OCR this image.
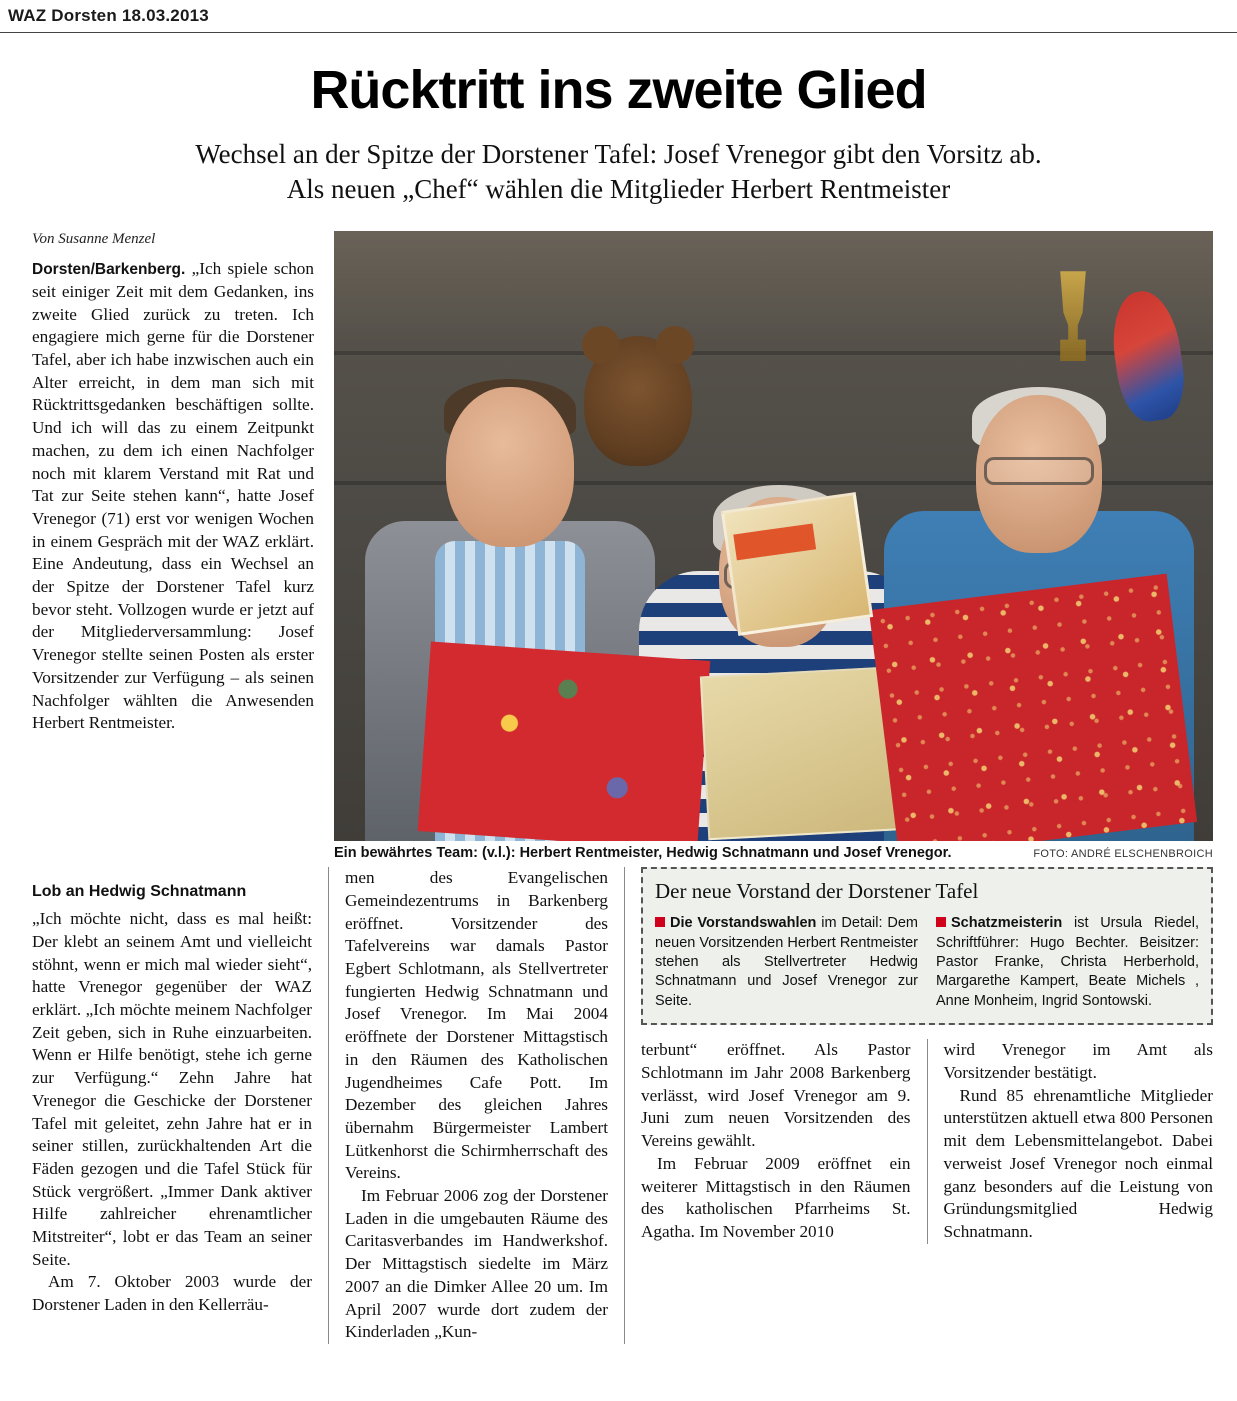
WAZ Dorsten 18.03.2013
Rücktritt ins zweite Glied
Wechsel an der Spitze der Dorstener Tafel: Josef Vrenegor gibt den Vorsitz ab.
Als neuen „Chef“ wählen die Mitglieder Herbert Rentmeister
Von Susanne Menzel

Dorsten/Barkenberg. „Ich spiele schon seit einiger Zeit mit dem Gedanken, ins zweite Glied zurück zu treten. Ich engagiere mich gerne für die Dorstener Tafel, aber ich habe inzwischen auch ein Alter erreicht, in dem man sich mit Rücktrittsgedanken beschäftigen sollte. Und ich will das zu einem Zeitpunkt machen, zu dem ich einen Nachfolger noch mit klarem Verstand mit Rat und Tat zur Seite stehen kann“, hatte Josef Vrenegor (71) erst vor wenigen Wochen in einem Gespräch mit der WAZ erklärt. Eine Andeutung, dass ein Wechsel an der Spitze der Dorstener Tafel kurz bevor steht. Vollzogen wurde er jetzt auf der Mitgliederversammlung: Josef Vrenegor stellte seinen Posten als erster Vorsitzender zur Verfügung – als seinen Nachfolger wählten die Anwesenden Herbert Rentmeister.

Ein bewährtes Team: (v.l.): Herbert Rentmeister, Hedwig Schnatmann und Josef Vrenegor.	FOTO: ANDRÉ ELSCHENBROICH
Lob an Hedwig Schnatmann

„Ich möchte nicht, dass es mal heißt: Der klebt an seinem Amt und vielleicht stöhnt, wenn er mich mal wieder sieht“, hatte Vrenegor gegenüber der WAZ erklärt. „Ich möchte meinem Nachfolger Zeit geben, sich in Ruhe einzuarbeiten. Wenn er Hilfe benötigt, stehe ich gerne zur Verfügung.“ Zehn Jahre hat Vrenegor die Geschicke der Dorstener Tafel mit geleitet, zehn Jahre hat er in seiner stillen, zurückhaltenden Art die Fäden gezogen und die Tafel Stück für Stück vergrößert. „Immer Dank aktiver Hilfe zahlreicher ehrenamtlicher Mitstreiter“, lobt er das Team an seiner Seite.

Am 7. Oktober 2003 wurde der Dorstener Laden in den Kellerräu-

men des Evangelischen Gemeindezentrums in Barkenberg eröffnet. Vorsitzender des Tafelvereins war damals Pastor Egbert Schlotmann, als Stellvertreter fungierten Hedwig Schnatmann und Josef Vrenegor. Im Mai 2004 eröffnete der Dorstener Mittagstisch in den Räumen des Katholischen Jugendheimes Cafe Pott. Im Dezember des gleichen Jahres übernahm Bürgermeister Lambert Lütkenhorst die Schirmherrschaft des Vereins.

Im Februar 2006 zog der Dorstener Laden in die umgebauten Räume des Caritasverbandes im Handwerkshof. Der Mittagstisch siedelte im März 2007 an die Dimker Allee 20 um. Im April 2007 wurde dort zudem der Kinderladen „Kun-

Der neue Vorstand der Dorstener Tafel
Die Vorstandswahlen im Detail: Dem neuen Vorsitzenden Herbert Rentmeister stehen als Stellvertreter Hedwig Schnatmann und Josef Vrenegor zur Seite.
Schatzmeisterin ist Ursula Riedel, Schriftführer: Hugo Bechter. Beisitzer: Pastor Franke, Christa Herberhold, Margarethe Kampert, Beate Michels , Anne Monheim, Ingrid Sontowski.

terbunt“ eröffnet. Als Pastor Schlotmann im Jahr 2008 Barkenberg verlässt, wird Josef Vrenegor am 9. Juni zum neuen Vorsitzenden des Vereins gewählt.

Im Februar 2009 eröffnet ein weiterer Mittagstisch in den Räumen des katholischen Pfarrheims St. Agatha. Im November 2010

wird Vrenegor im Amt als Vorsitzender bestätigt.

Rund 85 ehrenamtliche Mitglieder unterstützen aktuell etwa 800 Personen mit dem Lebensmittelangebot. Dabei verweist Josef Vrenegor noch einmal ganz besonders auf die Leistung von Gründungsmitglied Hedwig Schnatmann.
